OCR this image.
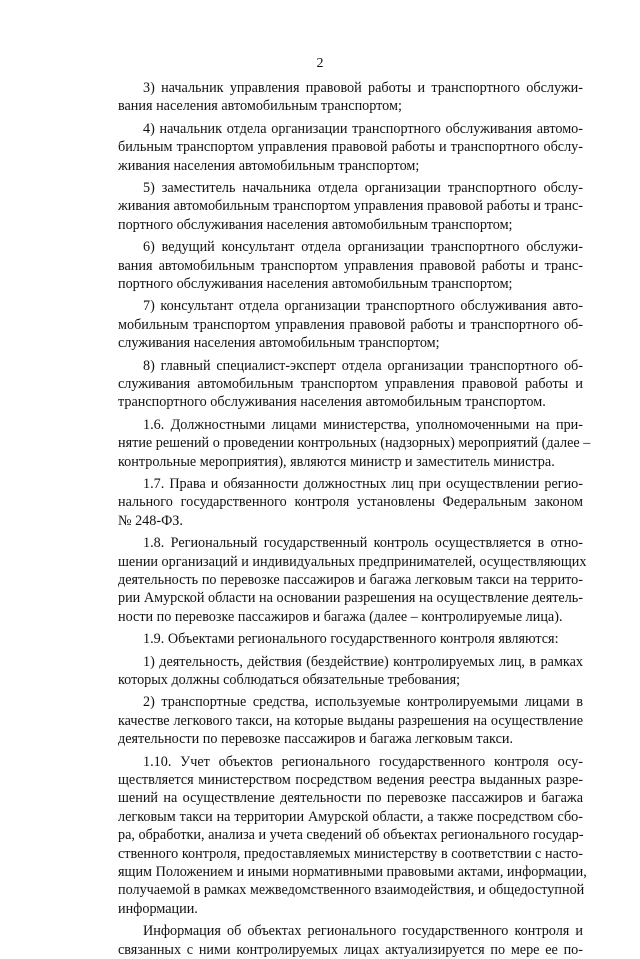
2
3) начальник управления правовой работы и транспортного обслужи-
вания населения автомобильным транспортом;
4) начальник отдела организации транспортного обслуживания автомо-
бильным транспортом управления правовой работы и транспортного обслу-
живания населения автомобильным транспортом;
5) заместитель начальника отдела организации транспортного обслу-
живания автомобильным транспортом управления правовой работы и транс-
портного обслуживания населения автомобильным транспортом;
6) ведущий консультант отдела организации транспортного обслужи-
вания автомобильным транспортом управления правовой работы и транс-
портного обслуживания населения автомобильным транспортом;
7) консультант отдела организации транспортного обслуживания авто-
мобильным транспортом управления правовой работы и транспортного об-
служивания населения автомобильным транспортом;
8) главный специалист-эксперт отдела организации транспортного об-
служивания автомобильным транспортом управления правовой работы и
транспортного обслуживания населения автомобильным транспортом.
1.6. Должностными лицами министерства, уполномоченными на при-
нятие решений о проведении контрольных (надзорных) мероприятий (далее –
контрольные мероприятия), являются министр и заместитель министра.
1.7. Права и обязанности должностных лиц при осуществлении регио-
нального государственного контроля установлены Федеральным законом
№ 248-ФЗ.
1.8. Региональный государственный контроль осуществляется в отно-
шении организаций и индивидуальных предпринимателей, осуществляющих
деятельность по перевозке пассажиров и багажа легковым такси на террито-
рии Амурской области на основании разрешения на осуществление деятель-
ности по перевозке пассажиров и багажа (далее – контролируемые лица).
1.9. Объектами регионального государственного контроля являются:
1) деятельность, действия (бездействие) контролируемых лиц, в рамках
которых должны соблюдаться обязательные требования;
2) транспортные средства, используемые контролируемыми лицами в
качестве легкового такси, на которые выданы разрешения на осуществление
деятельности по перевозке пассажиров и багажа легковым такси.
1.10. Учет объектов регионального государственного контроля осу-
ществляется министерством посредством ведения реестра выданных разре-
шений на осуществление деятельности по перевозке пассажиров и багажа
легковым такси на территории Амурской области, а также посредством сбо-
ра, обработки, анализа и учета сведений об объектах регионального государ-
ственного контроля, предоставляемых министерству в соответствии с насто-
ящим Положением и иными нормативными правовыми актами, информации,
получаемой в рамках межведомственного взаимодействия, и общедоступной
информации.
Информация об объектах регионального государственного контроля и
связанных с ними контролируемых лицах актуализируется по мере ее по-
